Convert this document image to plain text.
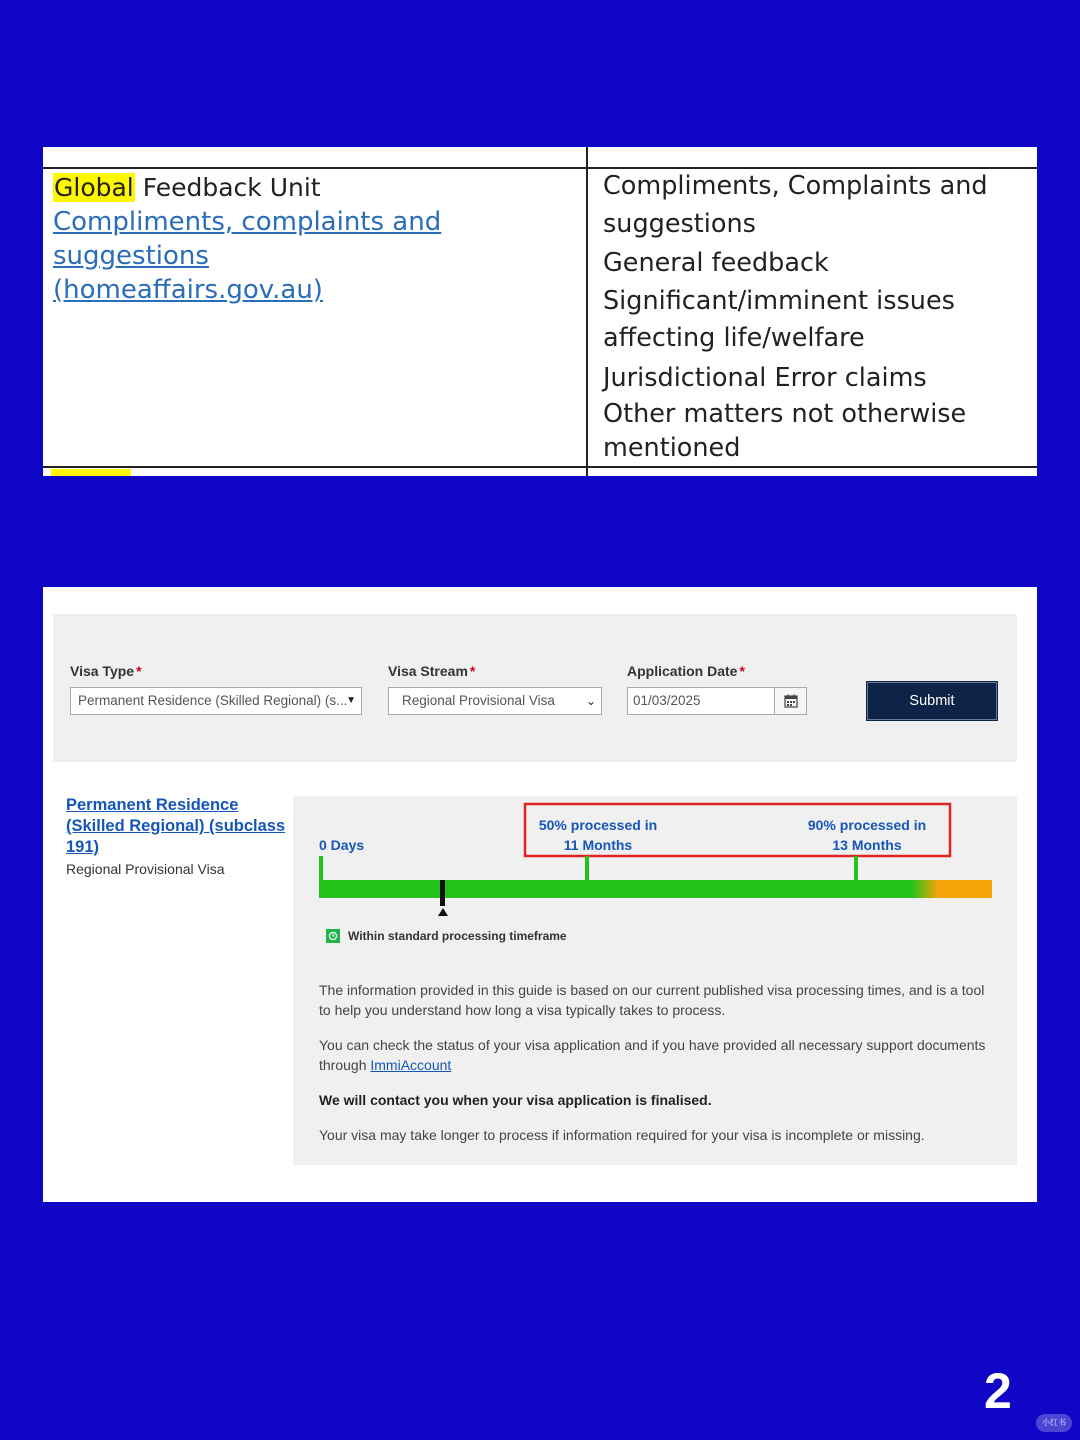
Global Feedback Unit
Compliments, complaints and suggestions
(homeaffairs.gov.au)
Compliments, Complaints and
suggestions
General feedback
Significant/imminent issues
affecting life/welfare
Jurisdictional Error claims
Other matters not otherwise
mentioned
Visa Type *
Permanent Residence (Skilled Regional) (s...
▼
Visa Stream *
Regional Provisional Visa	⌄
Application Date *
01/03/2025	Submit
Permanent Residence (Skilled Regional) (subclass 191)
Regional Provisional Visa
0 Days
50% processed in
11 Months
90% processed in
13 Months
Within standard processing timeframe

The information provided in this guide is based on our current published visa processing times, and is a tool to help you understand how long a visa typically takes to process.

You can check the status of your visa application and if you have provided all necessary support documents through ImmiAccount

We will contact you when your visa application is finalised.

Your visa may take longer to process if information required for your visa is incomplete or missing.

2
小红书
